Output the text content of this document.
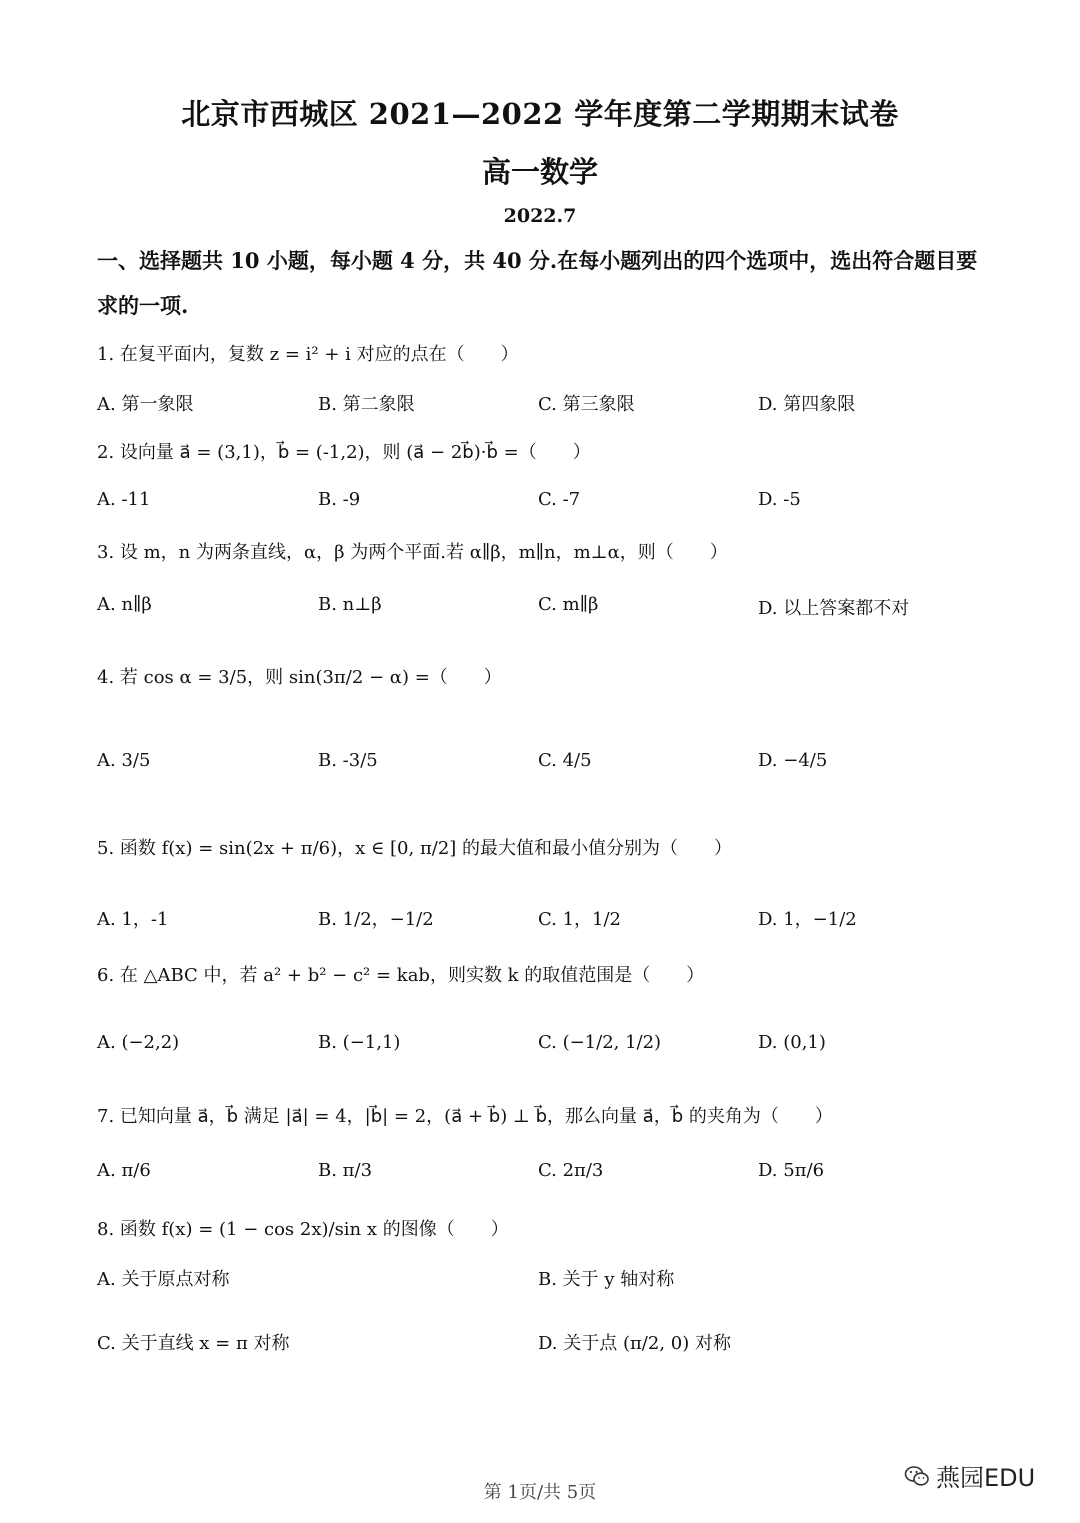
北京市西城区 2021—2022 学年度第二学期期末试卷
高一数学
2022.7
一、选择题共 10 小题，每小题 4 分，共 40 分.在每小题列出的四个选项中，选出符合题目要求的一项.
1. 在复平面内，复数 z = i² + i 对应的点在（　　）
A. 第一象限	B. 第二象限	C. 第三象限	D. 第四象限
2. 设向量 a⃗ = (3,1)，b⃗ = (-1,2)，则 (a⃗ − 2b⃗)·b⃗ =（　　）
A. -11	B. -9	C. -7	D. -5
3. 设 m，n 为两条直线，α，β 为两个平面.若 α∥β，m∥n，m⊥α，则（　　）
A. n∥β	B. n⊥β	C. m∥β	D. 以上答案都不对
4. 若 cos α = 3/5，则 sin(3π/2 − α) =（　　）
A. 3/5	B. -3/5	C. 4/5	D. −4/5
5. 函数 f(x) = sin(2x + π/6)，x ∈ [0, π/2] 的最大值和最小值分别为（　　）
A. 1，-1	B. 1/2，−1/2	C. 1，1/2	D. 1，−1/2
6. 在 △ABC 中，若 a² + b² − c² = kab，则实数 k 的取值范围是（　　）
A. (−2,2)	B. (−1,1)	C. (−1/2, 1/2)	D. (0,1)
7. 已知向量 a⃗，b⃗ 满足 |a⃗| = 4，|b⃗| = 2，(a⃗ + b⃗) ⊥ b⃗，那么向量 a⃗，b⃗ 的夹角为（　　）
A. π/6	B. π/3	C. 2π/3	D. 5π/6
8. 函数 f(x) = (1 − cos 2x)/sin x 的图像（　　）
A. 关于原点对称	B. 关于 y 轴对称
C. 关于直线 x = π 对称	D. 关于点 (π/2, 0) 对称
第 1页/共 5页
燕园EDU
